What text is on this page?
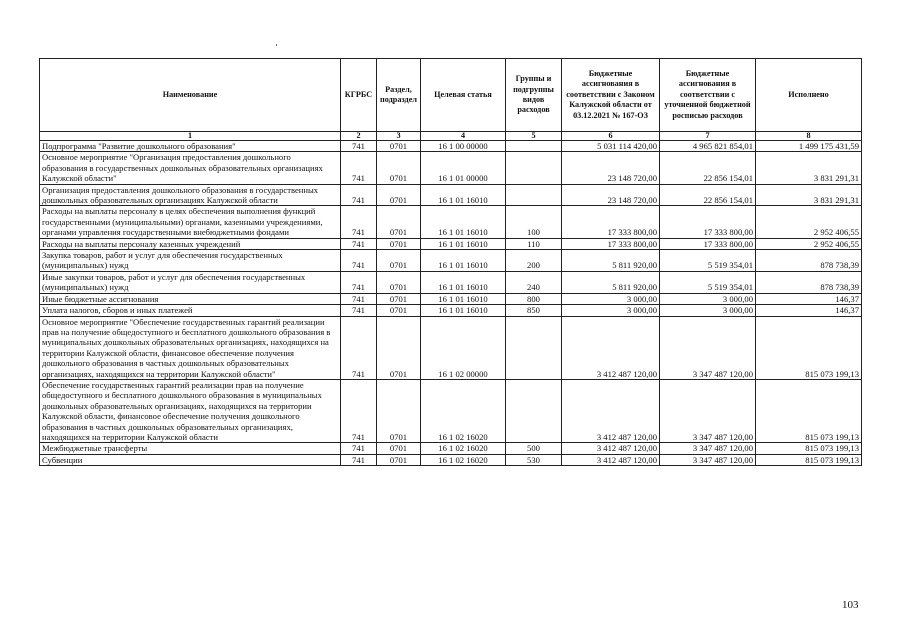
Наименование	КГРБС	Раздел, подраздел	Целевая статья	Группы и подгруппы видов расходов	Бюджетные ассигнования в соответствии с Законом Калужской области от 03.12.2021 № 167-ОЗ	Бюджетные ассигнования в соответствии с уточненной бюджетной росписью расходов	Исполнено
1	2	3	4	5	6	7	8
Подпрограмма "Развитие дошкольного образования"	741	0701	16 1 00 00000		5 031 114 420,00	4 965 821 854,01	1 499 175 431,59
Основное мероприятие "Организация предоставления дошкольного образования в государственных дошкольных образовательных организациях Калужской области"	741	0701	16 1 01 00000		23 148 720,00	22 856 154,01	3 831 291,31
Организация предоставления дошкольного образования в государственных дошкольных образовательных организациях Калужской области	741	0701	16 1 01 16010		23 148 720,00	22 856 154,01	3 831 291,31
Расходы на выплаты персоналу в целях обеспечения выполнения функций государственными (муниципальными) органами, казенными учреждениями, органами управления государственными внебюджетными фондами	741	0701	16 1 01 16010	100	17 333 800,00	17 333 800,00	2 952 406,55
Расходы на выплаты персоналу казенных учреждений	741	0701	16 1 01 16010	110	17 333 800,00	17 333 800,00	2 952 406,55
Закупка товаров, работ и услуг для обеспечения государственных (муниципальных) нужд	741	0701	16 1 01 16010	200	5 811 920,00	5 519 354,01	878 738,39
Иные закупки товаров, работ и услуг для обеспечения государственных (муниципальных) нужд	741	0701	16 1 01 16010	240	5 811 920,00	5 519 354,01	878 738,39
Иные бюджетные ассигнования	741	0701	16 1 01 16010	800	3 000,00	3 000,00	146,37
Уплата налогов, сборов и иных платежей	741	0701	16 1 01 16010	850	3 000,00	3 000,00	146,37
Основное мероприятие "Обеспечение государственных гарантий реализации прав на получение общедоступного и бесплатного дошкольного образования в муниципальных дошкольных образовательных организациях, находящихся на территории Калужской области, финансовое обеспечение получения дошкольного образования в частных дошкольных образовательных организациях, находящихся на территории Калужской области"	741	0701	16 1 02 00000		3 412 487 120,00	3 347 487 120,00	815 073 199,13
Обеспечение государственных гарантий реализации прав на получение общедоступного и бесплатного дошкольного образования в муниципальных дошкольных образовательных организациях, находящихся на территории Калужской области, финансовое обеспечение получения дошкольного образования в частных дошкольных образовательных организациях, находящихся на территории Калужской области	741	0701	16 1 02 16020		3 412 487 120,00	3 347 487 120,00	815 073 199,13
Межбюджетные трансферты	741	0701	16 1 02 16020	500	3 412 487 120,00	3 347 487 120,00	815 073 199,13
Субвенции	741	0701	16 1 02 16020	530	3 412 487 120,00	3 347 487 120,00	815 073 199,13
103
